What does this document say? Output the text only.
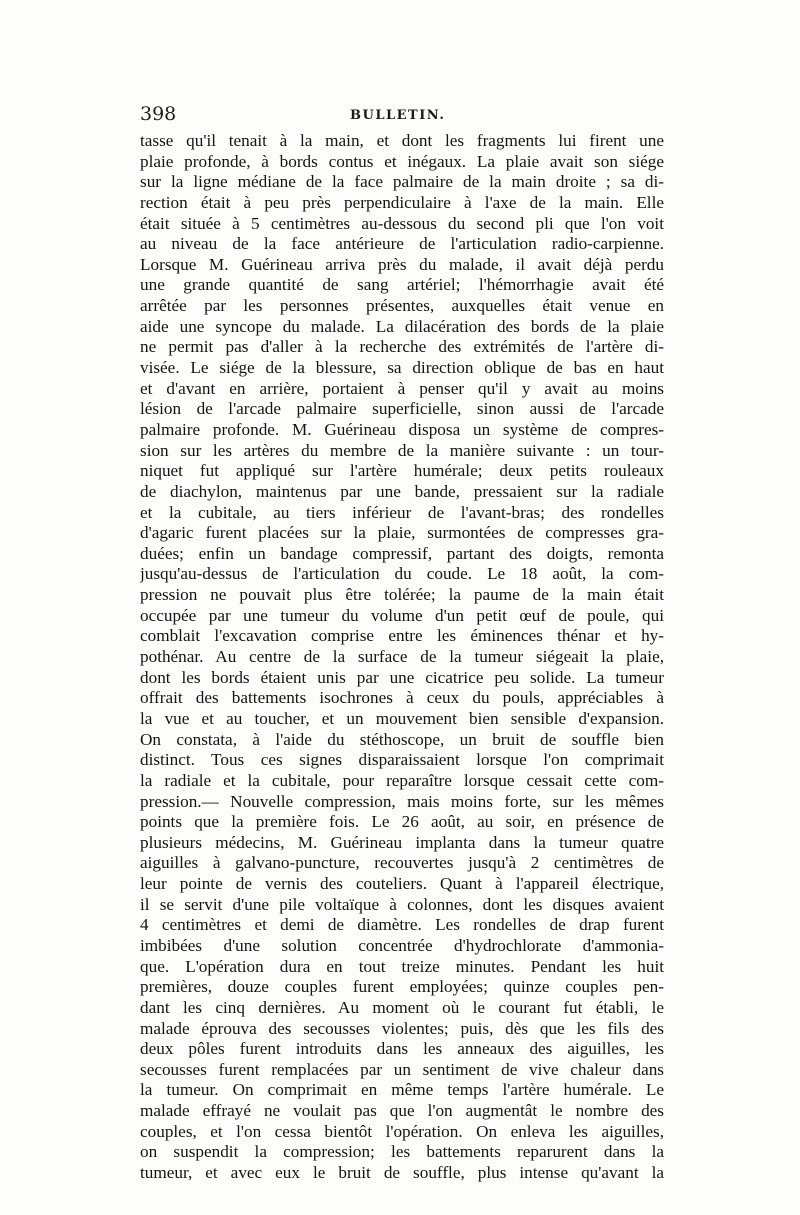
398	BULLETIN.
tasse qu'il tenait à la main, et dont les fragments lui firent une
plaie profonde, à bords contus et inégaux. La plaie avait son siége
sur la ligne médiane de la face palmaire de la main droite ; sa di-
rection était à peu près perpendiculaire à l'axe de la main. Elle
était située à 5 centimètres au-dessous du second pli que l'on voit
au niveau de la face antérieure de l'articulation radio-carpienne.
Lorsque M. Guérineau arriva près du malade, il avait déjà perdu
une grande quantité de sang artériel; l'hémorrhagie avait été
arrêtée par les personnes présentes, auxquelles était venue en
aide une syncope du malade. La dilacération des bords de la plaie
ne permit pas d'aller à la recherche des extrémités de l'artère di-
visée. Le siége de la blessure, sa direction oblique de bas en haut
et d'avant en arrière, portaient à penser qu'il y avait au moins
lésion de l'arcade palmaire superficielle, sinon aussi de l'arcade
palmaire profonde. M. Guérineau disposa un système de compres-
sion sur les artères du membre de la manière suivante : un tour-
niquet fut appliqué sur l'artère humérale; deux petits rouleaux
de diachylon, maintenus par une bande, pressaient sur la radiale
et la cubitale, au tiers inférieur de l'avant-bras; des rondelles
d'agaric furent placées sur la plaie, surmontées de compresses gra-
duées; enfin un bandage compressif, partant des doigts, remonta
jusqu'au-dessus de l'articulation du coude. Le 18 août, la com-
pression ne pouvait plus être tolérée; la paume de la main était
occupée par une tumeur du volume d'un petit œuf de poule, qui
comblait l'excavation comprise entre les éminences thénar et hy-
pothénar. Au centre de la surface de la tumeur siégeait la plaie,
dont les bords étaient unis par une cicatrice peu solide. La tumeur
offrait des battements isochrones à ceux du pouls, appréciables à
la vue et au toucher, et un mouvement bien sensible d'expansion.
On constata, à l'aide du stéthoscope, un bruit de souffle bien
distinct. Tous ces signes disparaissaient lorsque l'on comprimait
la radiale et la cubitale, pour reparaître lorsque cessait cette com-
pression.— Nouvelle compression, mais moins forte, sur les mêmes
points que la première fois. Le 26 août, au soir, en présence de
plusieurs médecins, M. Guérineau implanta dans la tumeur quatre
aiguilles à galvano-puncture, recouvertes jusqu'à 2 centimètres de
leur pointe de vernis des couteliers. Quant à l'appareil électrique,
il se servit d'une pile voltaïque à colonnes, dont les disques avaient
4 centimètres et demi de diamètre. Les rondelles de drap furent
imbibées d'une solution concentrée d'hydrochlorate d'ammonia-
que. L'opération dura en tout treize minutes. Pendant les huit
premières, douze couples furent employées; quinze couples pen-
dant les cinq dernières. Au moment où le courant fut établi, le
malade éprouva des secousses violentes; puis, dès que les fils des
deux pôles furent introduits dans les anneaux des aiguilles, les
secousses furent remplacées par un sentiment de vive chaleur dans
la tumeur. On comprimait en même temps l'artère humérale. Le
malade effrayé ne voulait pas que l'on augmentât le nombre des
couples, et l'on cessa bientôt l'opération. On enleva les aiguilles,
on suspendit la compression; les battements reparurent dans la
tumeur, et avec eux le bruit de souffle, plus intense qu'avant la
